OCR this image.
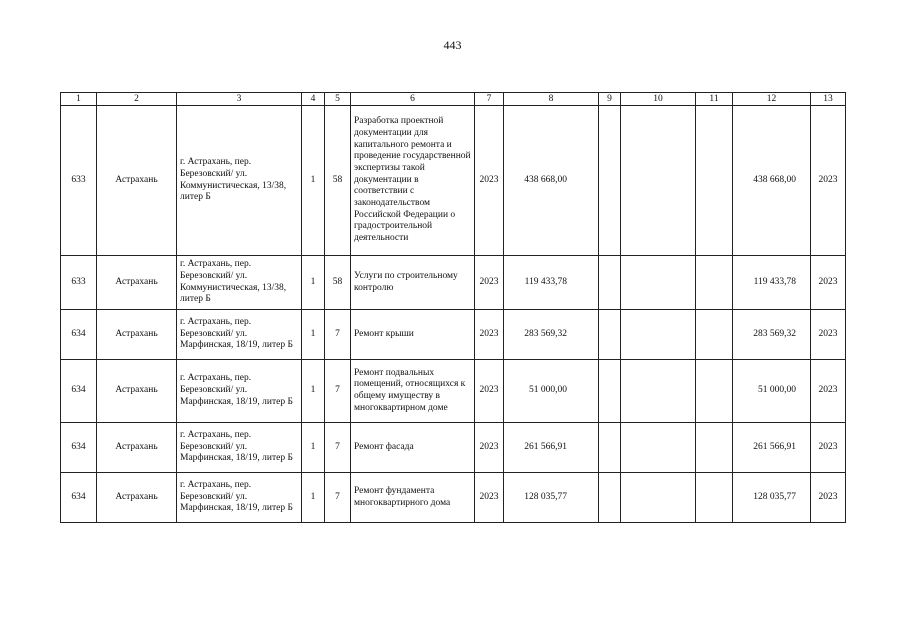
443
1	2	3	4	5	6	7	8	9	10	11	12	13
633	Астрахань	г. Астрахань, пер. Березовский/ ул. Коммунистическая, 13/38, литер Б	1	58	Разработка проектной документации для капитального ремонта и проведение государственной экспертизы такой документации в соответствии с законодательством Российской Федерации о градостроительной деятельности	2023	438 668,00				438 668,00	2023
633	Астрахань	г. Астрахань, пер. Березовский/ ул. Коммунистическая, 13/38, литер Б	1	58	Услуги по строительному контролю	2023	119 433,78				119 433,78	2023
634	Астрахань	г. Астрахань, пер. Березовский/ ул. Марфинская, 18/19, литер Б	1	7	Ремонт крыши	2023	283 569,32				283 569,32	2023
634	Астрахань	г. Астрахань, пер. Березовский/ ул. Марфинская, 18/19, литер Б	1	7	Ремонт подвальных помещений, относящихся к общему имуществу в многоквартирном доме	2023	51 000,00				51 000,00	2023
634	Астрахань	г. Астрахань, пер. Березовский/ ул. Марфинская, 18/19, литер Б	1	7	Ремонт фасада	2023	261 566,91				261 566,91	2023
634	Астрахань	г. Астрахань, пер. Березовский/ ул. Марфинская, 18/19, литер Б	1	7	Ремонт фундамента многоквартирного дома	2023	128 035,77				128 035,77	2023
